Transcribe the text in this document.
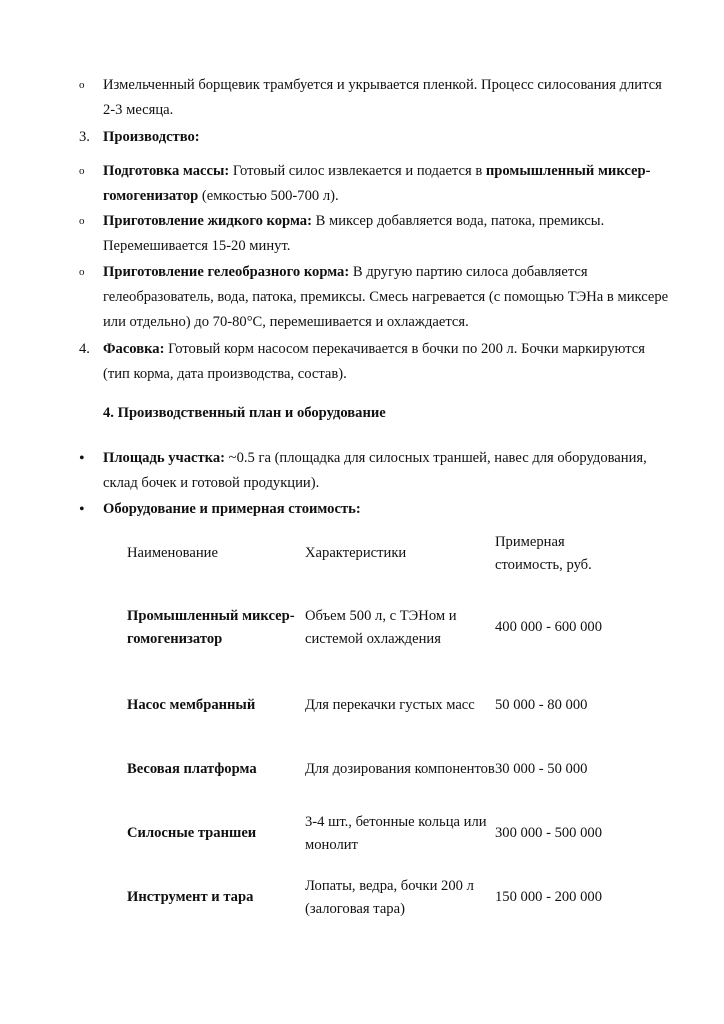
o	Измельченный борщевик трамбуется и укрывается пленкой. Процесс силосования длится 2-3 месяца.
3. Производство:
o	Подготовка массы: Готовый силос извлекается и подается в промышленный миксер-гомогенизатор (емкостью 500-700 л).
o	Приготовление жидкого корма: В миксер добавляется вода, патока, премиксы. Перемешивается 15-20 минут.
o	Приготовление гелеобразного корма: В другую партию силоса добавляется гелеобразователь, вода, патока, премиксы. Смесь нагревается (с помощью ТЭНа в миксере или отдельно) до 70-80°C, перемешивается и охлаждается.
4. Фасовка: Готовый корм насосом перекачивается в бочки по 200 л. Бочки маркируются (тип корма, дата производства, состав).
4. Производственный план и оборудование
•	Площадь участка: ~0.5 га (площадка для силосных траншей, навес для оборудования, склад бочек и готовой продукции).
•	Оборудование и примерная стоимость:
Наименование	Характеристики	Примерная стоимость, руб.
Промышленный миксер-гомогенизатор	Объем 500 л, с ТЭНом и системой охлаждения	400 000 - 600 000
Насос мембранный	Для перекачки густых масс	50 000 - 80 000
Весовая платформа	Для дозирования компонентов	30 000 - 50 000
Силосные траншеи	3-4 шт., бетонные кольца или монолит	300 000 - 500 000
Инструмент и тара	Лопаты, ведра, бочки 200 л (залоговая тара)	150 000 - 200 000
